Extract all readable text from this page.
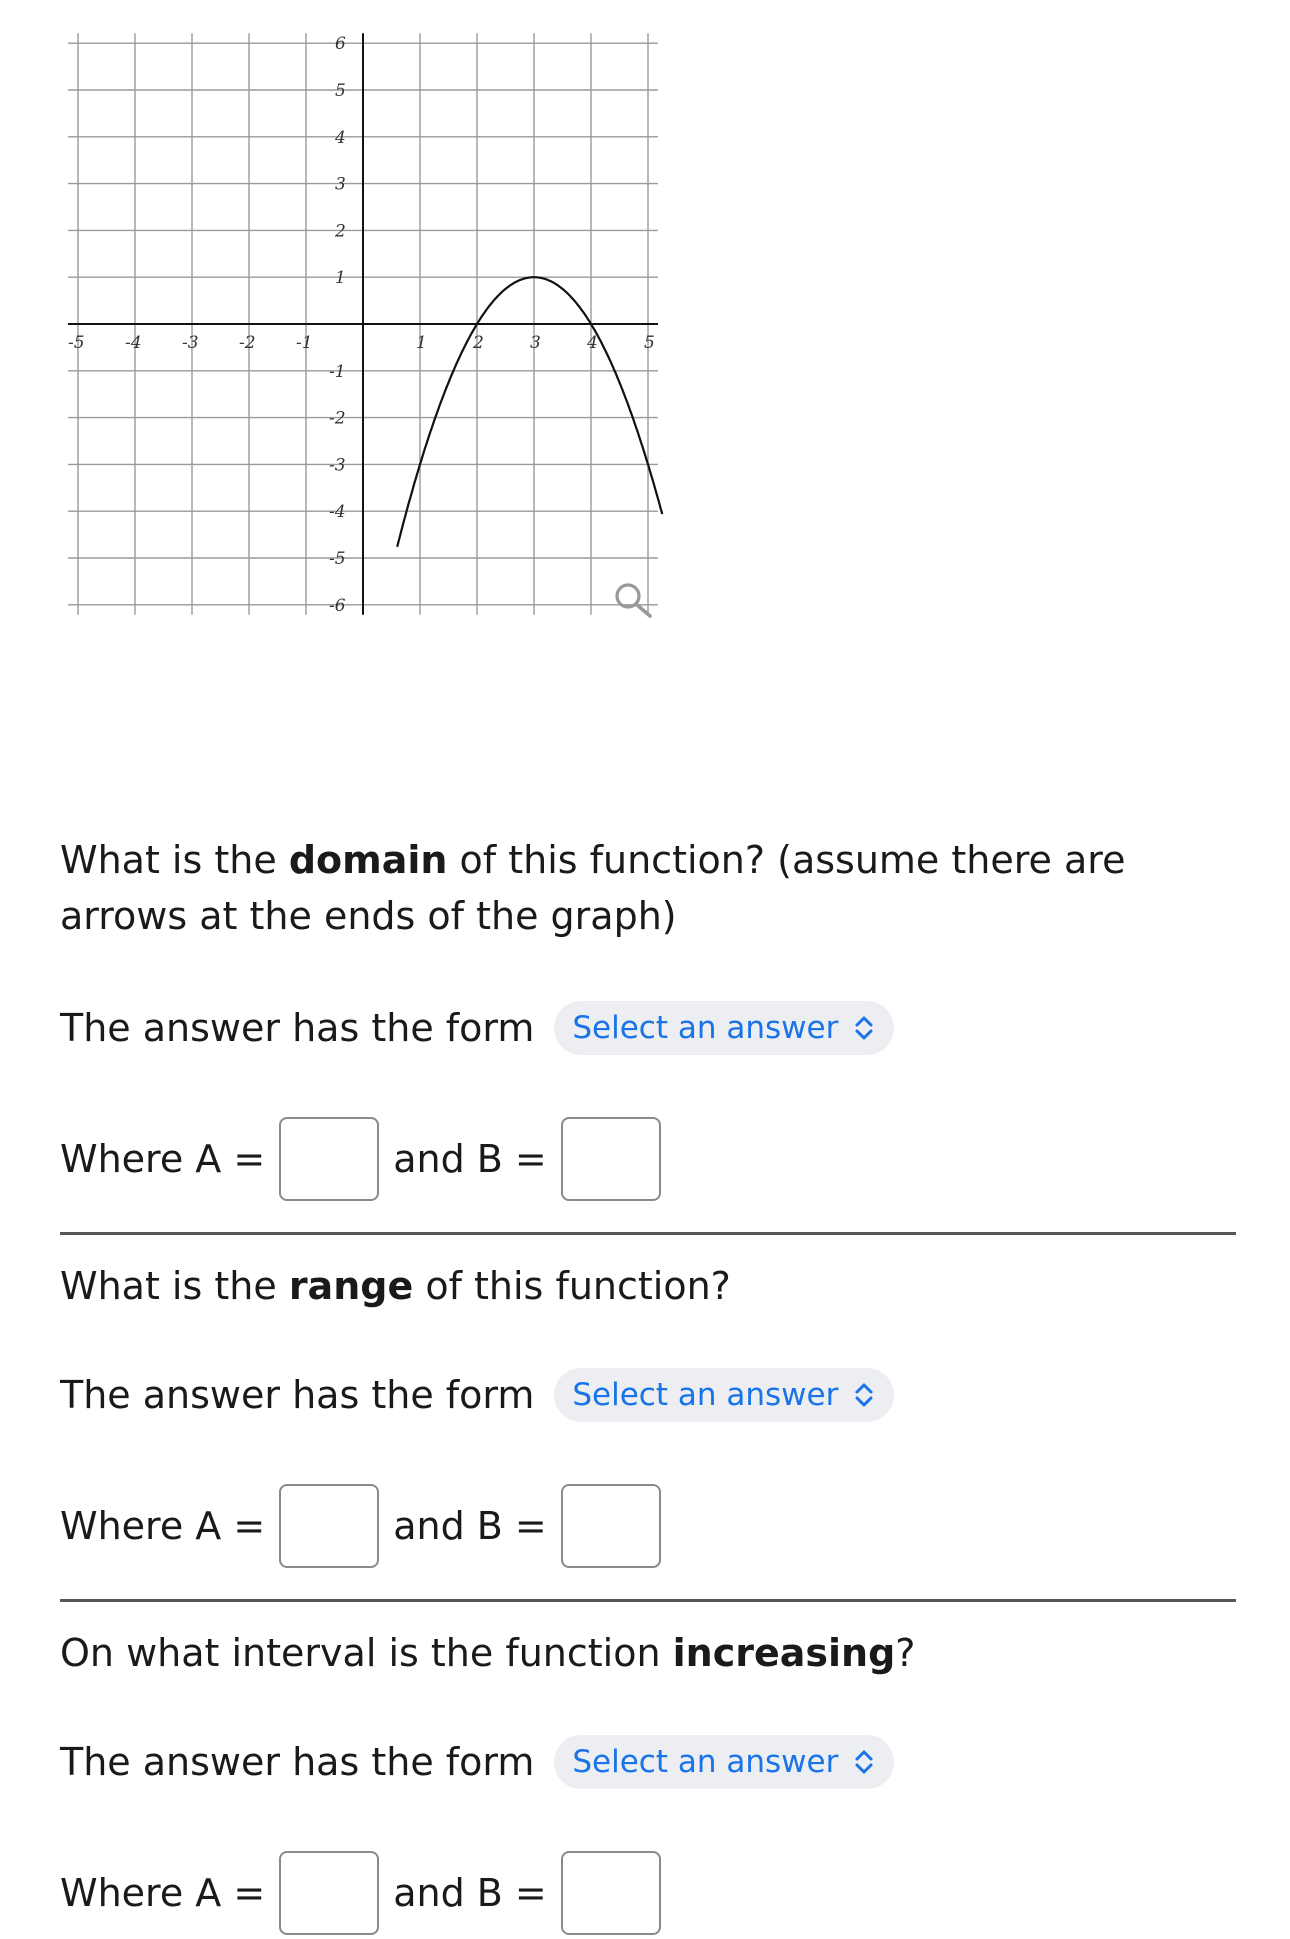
-5 -4 -3 -2 -1	1	2	3	4	5
6
5
4
3
2
1
-1
-2
-3
-4
-5
-6

What is the domain of this function? (assume there are arrows at the ends of the graph)

The answer has the form Select an answer
Where A =	and B =

What is the range of this function?

The answer has the form Select an answer
Where A =	and B =

On what interval is the function increasing?

The answer has the form Select an answer
Where A =	and B =
